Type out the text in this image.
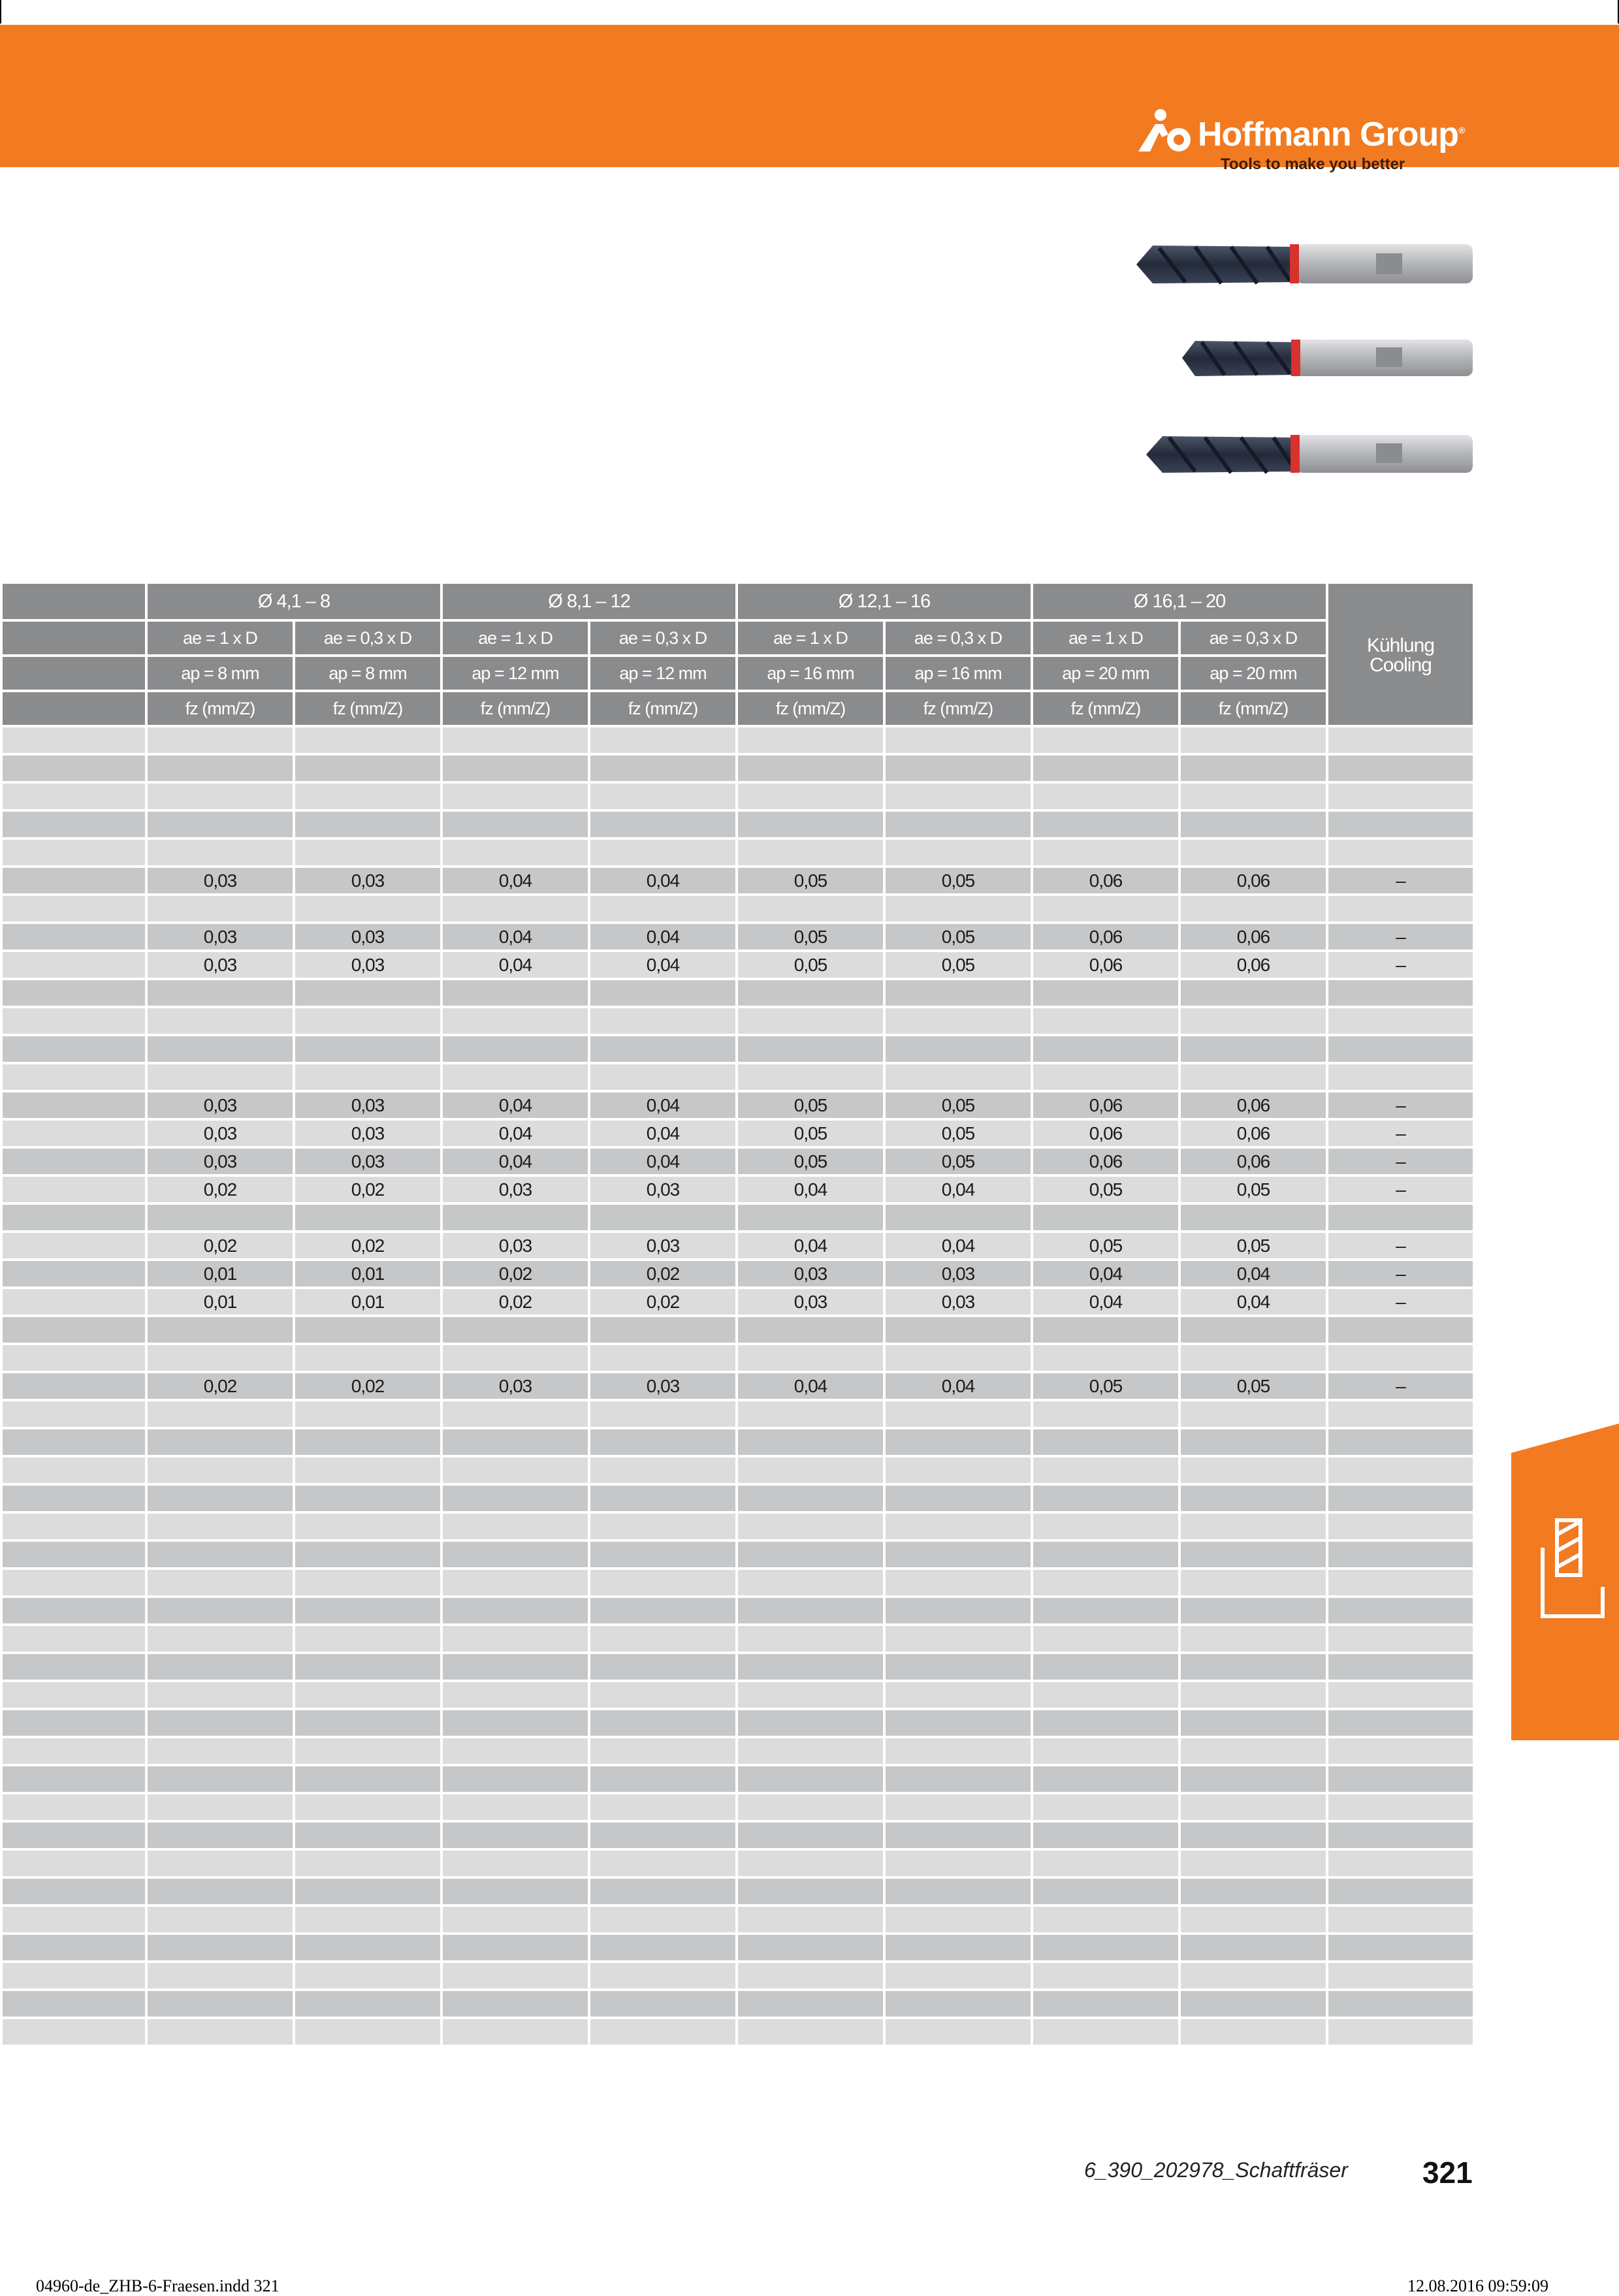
Hoffmann Group®
Tools to make you better
	Ø 4,1 – 8		Ø 8,1 – 12		Ø 12,1 – 16		Ø 16,1 – 20		Kühlung
Cooling

	ae = 1 x D	ae = 0,3 x D	ae = 1 x D	ae = 0,3 x D	ae = 1 x D	ae = 0,3 x D	ae = 1 x D	ae = 0,3 x D	
	ap = 8 mm	ap = 8 mm	ap = 12 mm	ap = 12 mm	ap = 16 mm	ap = 16 mm	ap = 20 mm	ap = 20 mm	
	fz (mm/Z)	fz (mm/Z)	fz (mm/Z)	fz (mm/Z)	fz (mm/Z)	fz (mm/Z)	fz (mm/Z)	fz (mm/Z)	

	0,03	0,03	0,04	0,04	0,05	0,05	0,06	0,06	–

	0,03	0,03	0,04	0,04	0,05	0,05	0,06	0,06	–
	0,03	0,03	0,04	0,04	0,05	0,05	0,06	0,06	–

	0,03	0,03	0,04	0,04	0,05	0,05	0,06	0,06	–
	0,03	0,03	0,04	0,04	0,05	0,05	0,06	0,06	–
	0,03	0,03	0,04	0,04	0,05	0,05	0,06	0,06	–
	0,02	0,02	0,03	0,03	0,04	0,04	0,05	0,05	–

	0,02	0,02	0,03	0,03	0,04	0,04	0,05	0,05	–
	0,01	0,01	0,02	0,02	0,03	0,03	0,04	0,04	–
	0,01	0,01	0,02	0,02	0,03	0,03	0,04	0,04	–

	0,02	0,02	0,03	0,03	0,04	0,04	0,05	0,05	–

6_390_202978_Schaftfräser 321
04960-de_ZHB-6-Fraesen.indd 321	12.08.2016 09:59:09
